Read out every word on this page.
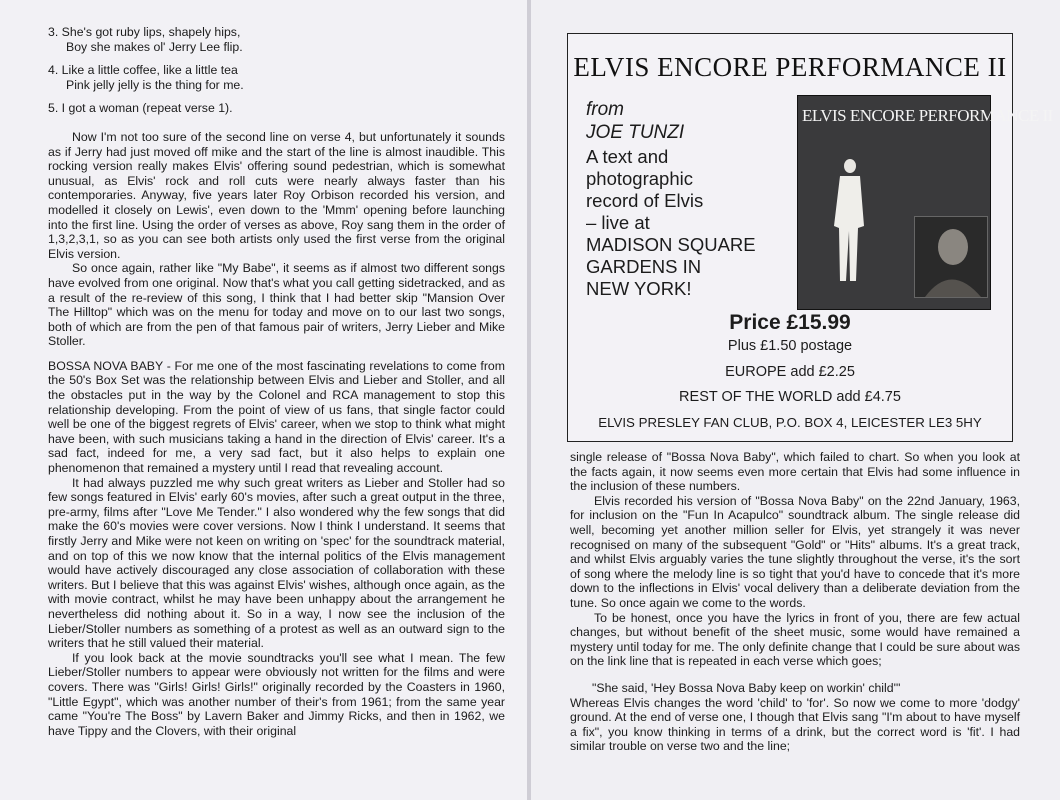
3. She's got ruby lips, shapely hips,
Boy she makes ol' Jerry Lee flip.
4. Like a little coffee, like a little tea
Pink jelly jelly is the thing for me.
5. I got a woman (repeat verse 1).

Now I'm not too sure of the second line on verse 4, but unfortunately it sounds as if Jerry had just moved off mike and the start of the line is almost inaudible. This rocking version really makes Elvis' offering sound pedestrian, which is somewhat unusual, as Elvis' rock and roll cuts were nearly always faster than his contemporaries. Anyway, five years later Roy Orbison recorded his version, and modelled it closely on Lewis', even down to the 'Mmm' opening before launching into the first line. Using the order of verses as above, Roy sang them in the order of 1,3,2,3,1, so as you can see both artists only used the first verse from the original Elvis version.

So once again, rather like "My Babe", it seems as if almost two different songs have evolved from one original. Now that's what you call getting sidetracked, and as a result of the re-review of this song, I think that I had better skip "Mansion Over The Hilltop" which was on the menu for today and move on to our last two songs, both of which are from the pen of that famous pair of writers, Jerry Lieber and Mike Stoller.

BOSSA NOVA BABY - For me one of the most fascinating revelations to come from the 50's Box Set was the relationship between Elvis and Lieber and Stoller, and all the obstacles put in the way by the Colonel and RCA management to stop this relationship developing. From the point of view of us fans, that single factor could well be one of the biggest regrets of Elvis' career, when we stop to think what might have been, with such musicians taking a hand in the direction of Elvis' career. It's a sad fact, indeed for me, a very sad fact, but it also helps to explain one phenomenon that remained a mystery until I read that revealing account.

It had always puzzled me why such great writers as Lieber and Stoller had so few songs featured in Elvis' early 60's movies, after such a great output in the three, pre-army, films after "Love Me Tender." I also wondered why the few songs that did make the 60's movies were cover versions. Now I think I understand. It seems that firstly Jerry and Mike were not keen on writing on 'spec' for the soundtrack material, and on top of this we now know that the internal politics of the Elvis management would have actively discouraged any close association of collaboration with these writers. But I believe that this was against Elvis' wishes, although once again, as the with movie contract, whilst he may have been unhappy about the arrangement he nevertheless did nothing about it. So in a way, I now see the inclusion of the Lieber/Stoller numbers as something of a protest as well as an outward sign to the writers that he still valued their material.

If you look back at the movie soundtracks you'll see what I mean. The few Lieber/Stoller numbers to appear were obviously not written for the films and were covers. There was "Girls! Girls! Girls!" originally recorded by the Coasters in 1960, "Little Egypt", which was another number of their's from 1961; from the same year came "You're The Boss" by Lavern Baker and Jimmy Ricks, and then in 1962, we have Tippy and the Clovers, with their original

ELVIS ENCORE PERFORMANCE II
from
JOE TUNZI
A text and
photographic
record of Elvis
– live at
MADISON SQUARE
GARDENS IN
NEW YORK!
ELVIS ENCORE PERFORMANCE II
Price £15.99
Plus £1.50 postage
EUROPE add £2.25
REST OF THE WORLD add £4.75
ELVIS PRESLEY FAN CLUB, P.O. BOX 4, LEICESTER LE3 5HY

single release of "Bossa Nova Baby", which failed to chart. So when you look at the facts again, it now seems even more certain that Elvis had some influence in the inclusion of these numbers.

Elvis recorded his version of "Bossa Nova Baby" on the 22nd January, 1963, for inclusion on the "Fun In Acapulco" soundtrack album. The single release did well, becoming yet another million seller for Elvis, yet strangely it was never recognised on many of the subsequent "Gold" or "Hits" albums. It's a great track, and whilst Elvis arguably varies the tune slightly throughout the verse, it's the sort of song where the melody line is so tight that you'd have to concede that it's more down to the inflections in Elvis' vocal delivery than a deliberate deviation from the tune. So once again we come to the words.

To be honest, once you have the lyrics in front of you, there are few actual changes, but without benefit of the sheet music, some would have remained a mystery until today for me. The only definite change that I could be sure about was on the link line that is repeated in each verse which goes;

"She said, 'Hey Bossa Nova Baby keep on workin' child'"

Whereas Elvis changes the word 'child' to 'for'. So now we come to more 'dodgy' ground. At the end of verse one, I though that Elvis sang "I'm about to have myself a fix", you know thinking in terms of a drink, but the correct word is 'fit'. I had similar trouble on verse two and the line;
